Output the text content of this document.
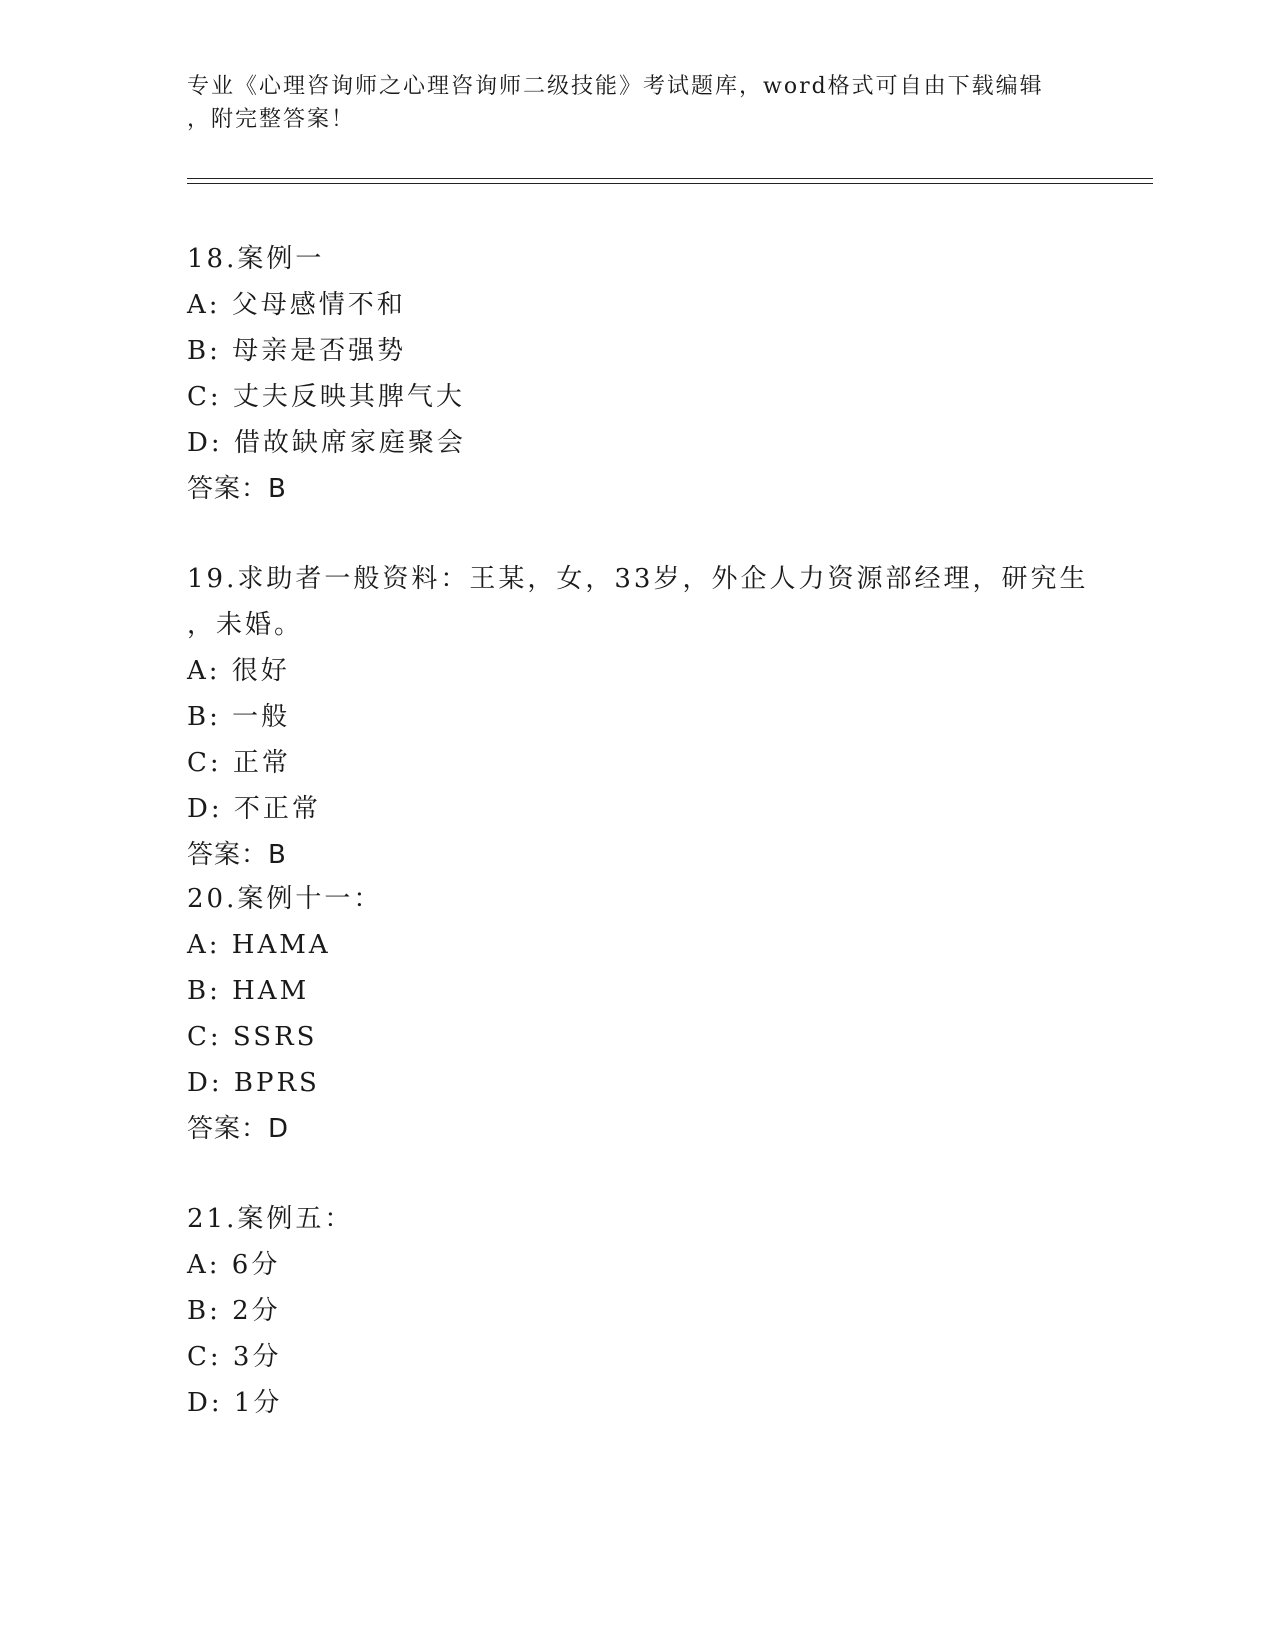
专业《心理咨询师之心理咨询师二级技能》考试题库，word格式可自由下载编辑
，附完整答案！
18.案例一
A: 父母感情不和
B: 母亲是否强势
C: 丈夫反映其脾气大
D: 借故缺席家庭聚会
答案：B
19.求助者一般资料：王某，女，33岁，外企人力资源部经理，研究生
，未婚。
A: 很好
B: 一般
C: 正常
D: 不正常
答案：B
20.案例十一：
A: HAMA
B: HAM
C: SSRS
D: BPRS
答案：D
21.案例五：
A: 6分
B: 2分
C: 3分
D: 1分
